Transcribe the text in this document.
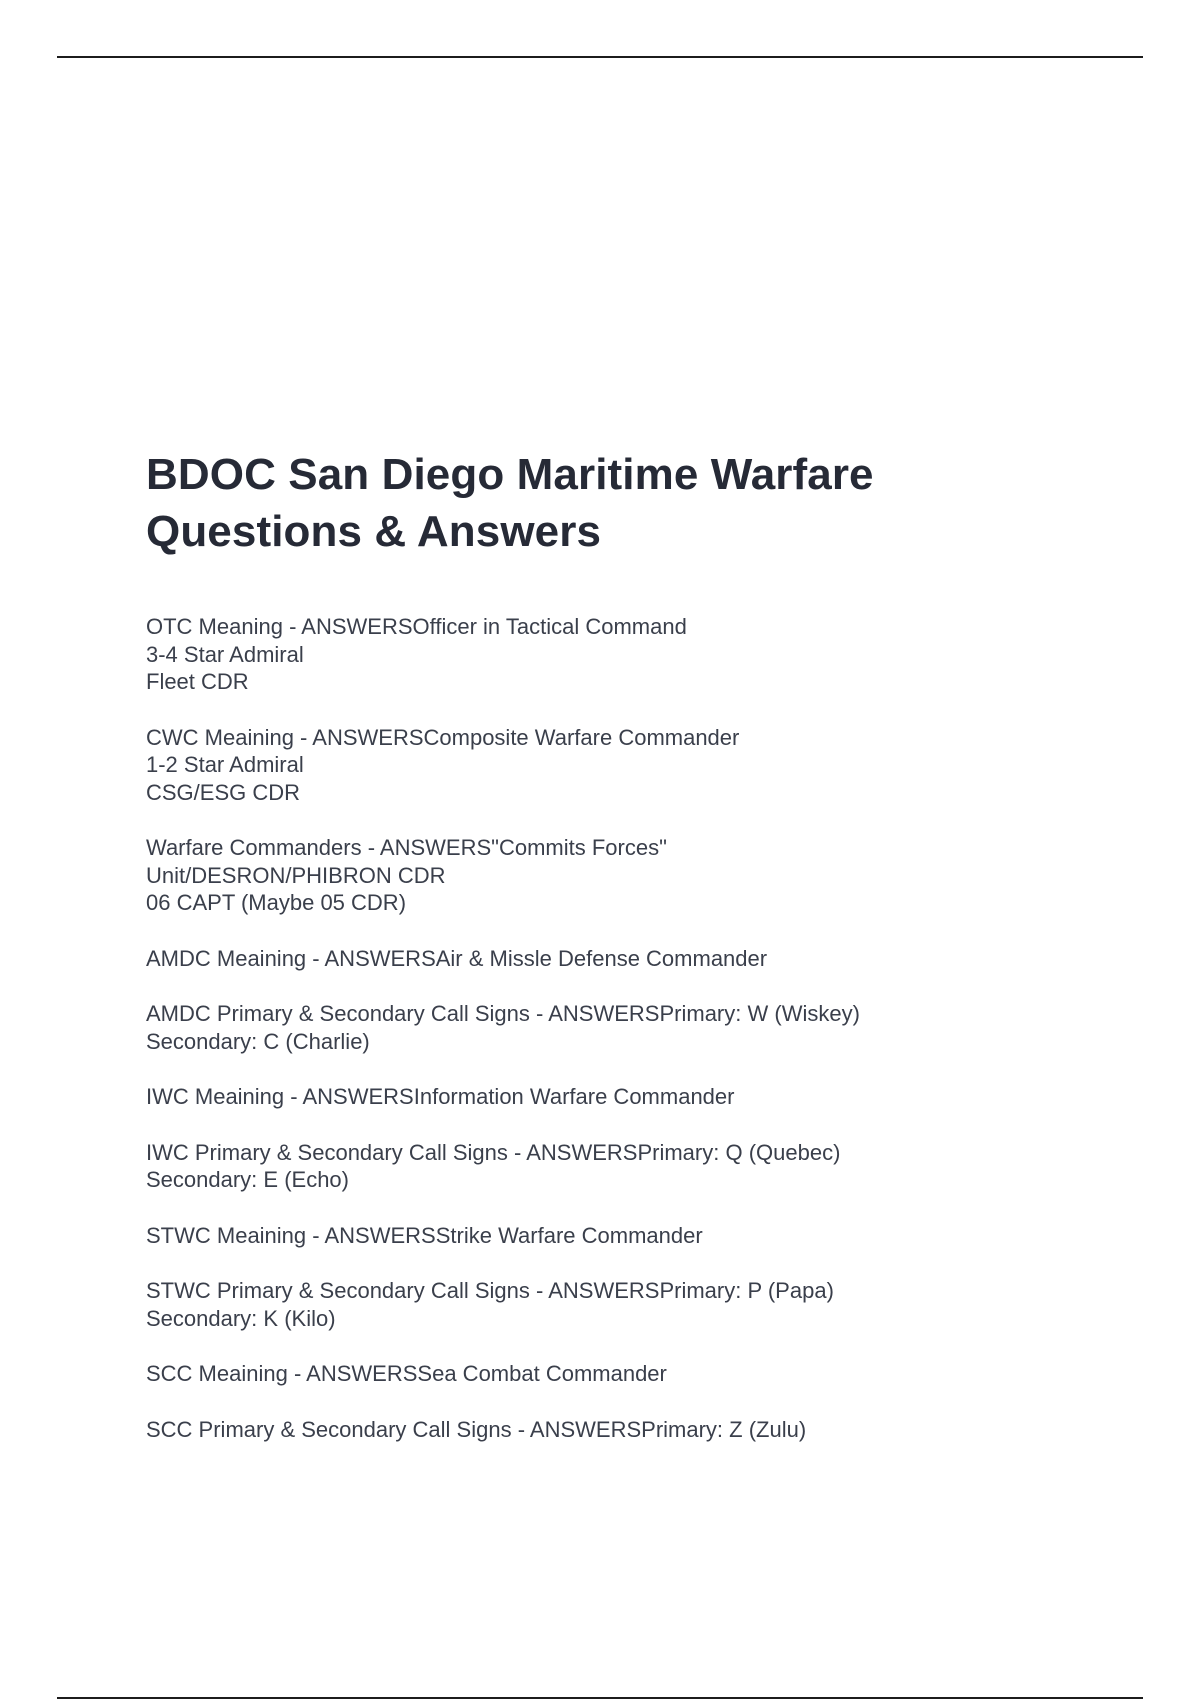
BDOC San Diego Maritime Warfare
Questions & Answers
OTC Meaning - ANSWERSOfficer in Tactical Command
3-4 Star Admiral
Fleet CDR
CWC Meaining - ANSWERSComposite Warfare Commander
1-2 Star Admiral
CSG/ESG CDR
Warfare Commanders - ANSWERS"Commits Forces"
Unit/DESRON/PHIBRON CDR
06 CAPT (Maybe 05 CDR)
AMDC Meaining - ANSWERSAir & Missle Defense Commander
AMDC Primary & Secondary Call Signs - ANSWERSPrimary: W (Wiskey)
Secondary: C (Charlie)
IWC Meaining - ANSWERSInformation Warfare Commander
IWC Primary & Secondary Call Signs - ANSWERSPrimary: Q (Quebec)
Secondary: E (Echo)
STWC Meaining - ANSWERSStrike Warfare Commander
STWC Primary & Secondary Call Signs - ANSWERSPrimary: P (Papa)
Secondary: K (Kilo)
SCC Meaining - ANSWERSSea Combat Commander
SCC Primary & Secondary Call Signs - ANSWERSPrimary: Z (Zulu)
